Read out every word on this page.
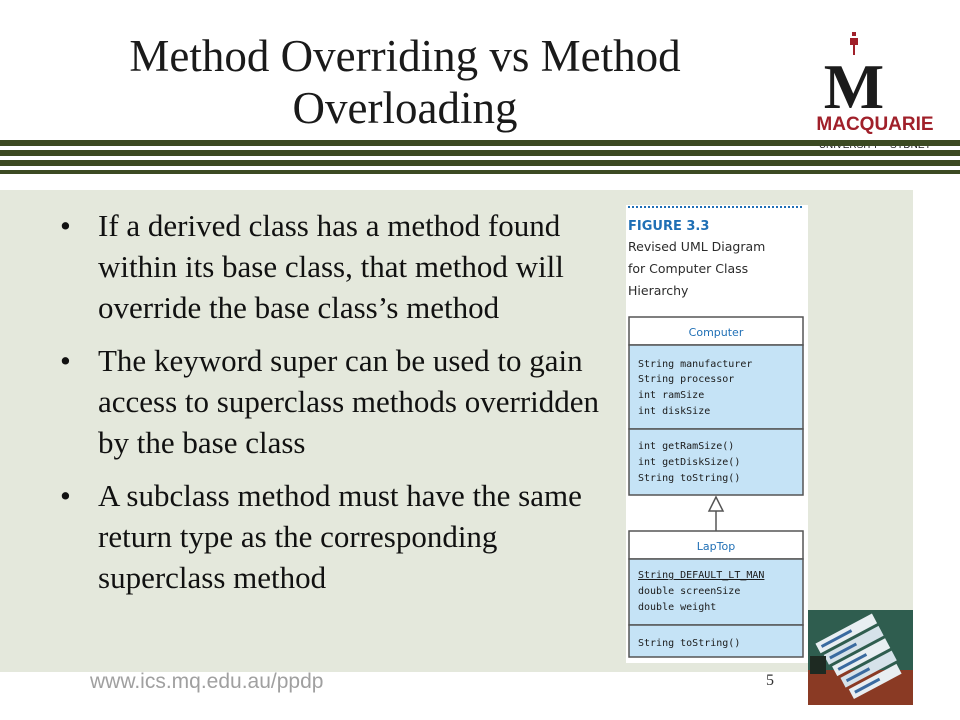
Method Overriding vs Method
Overloading	M
MACQUARIE
• If a derived class has a method found within its base class, that method will override the base class’s method
• The keyword super can be used to gain access to superclass methods overridden by the base class
• A subclass method must have the same return type as the corresponding superclass method
FIGURE 3.3
Revised UML Diagram
for Computer Class
Hierarchy
Computer
String manufacturer
String processor
int ramSize
int diskSize
int getRamSize()
int getDiskSize()
String toString()
LapTop
String DEFAULT_LT_MAN
double screenSize
double weight
String toString()
www.ics.mq.edu.au/ppdp	5
